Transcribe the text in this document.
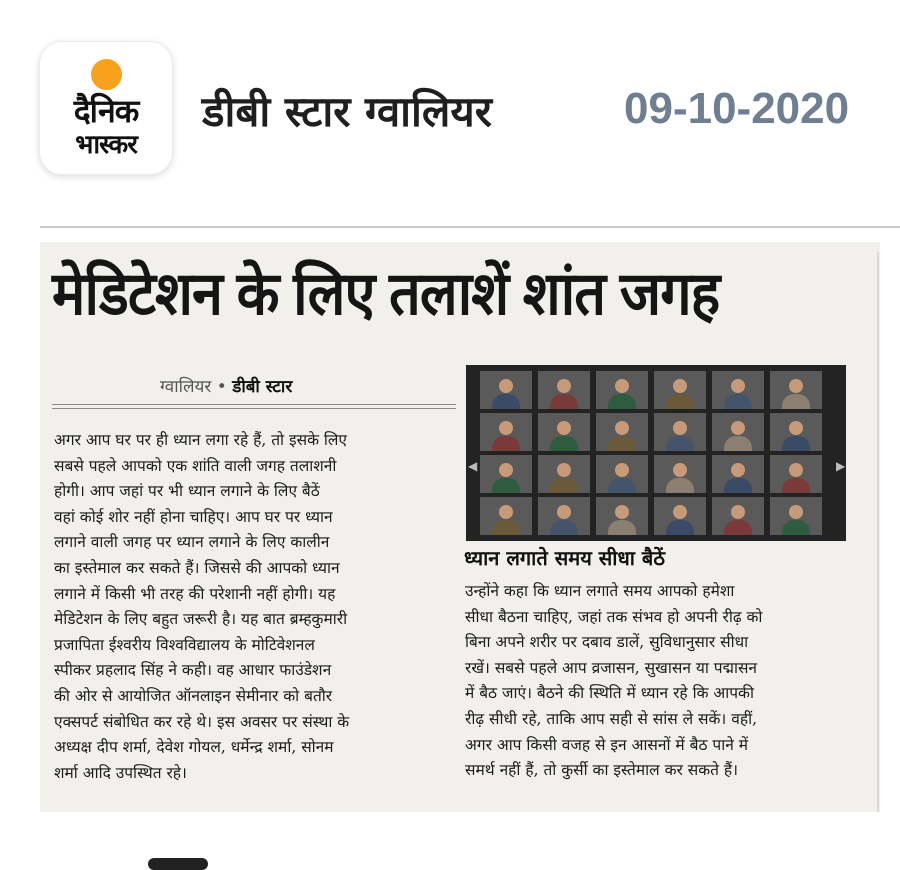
दैनिक
भास्कर
डीबी स्टार ग्वालियर	09-10-2020
मेडिटेशन के लिए तलाशें शांत जगह
ग्वालियर • डीबी स्टार
अगर आप घर पर ही ध्यान लगा रहे हैं, तो इसके लिए
सबसे पहले आपको एक शांति वाली जगह तलाशनी
होगी। आप जहां पर भी ध्यान लगाने के लिए बैठें
वहां कोई शोर नहीं होना चाहिए। आप घर पर ध्यान
लगाने वाली जगह पर ध्यान लगाने के लिए कालीन
का इस्तेमाल कर सकते हैं। जिससे की आपको ध्यान
लगाने में किसी भी तरह की परेशानी नहीं होगी। यह
मेडिटेशन के लिए बहुत जरूरी है। यह बात ब्रम्हकुमारी
प्रजापिता ईश्वरीय विश्वविद्यालय के मोटिवेशनल
स्पीकर प्रहलाद सिंह ने कही। वह आधार फाउंडेशन
की ओर से आयोजित ऑनलाइन सेमीनार को बतौर
एक्सपर्ट संबोधित कर रहे थे। इस अवसर पर संस्था के
अध्यक्ष दीप शर्मा, देवेश गोयल, धर्मेन्द्र शर्मा, सोनम
शर्मा आदि उपस्थित रहे।
◀	▶
ध्यान लगाते समय सीधा बैठें
उन्होंने कहा कि ध्यान लगाते समय आपको हमेशा
सीधा बैठना चाहिए, जहां तक संभव हो अपनी रीढ़ को
बिना अपने शरीर पर दबाव डालें, सुविधानुसार सीधा
रखें। सबसे पहले आप व्रजासन, सुखासन या पद्मासन
में बैठ जाएं। बैठने की स्थिति में ध्यान रहे कि आपकी
रीढ़ सीधी रहे, ताकि आप सही से सांस ले सकें। वहीं,
अगर आप किसी वजह से इन आसनों में बैठ पाने में
समर्थ नहीं हैं, तो कुर्सी का इस्तेमाल कर सकते हैं।
